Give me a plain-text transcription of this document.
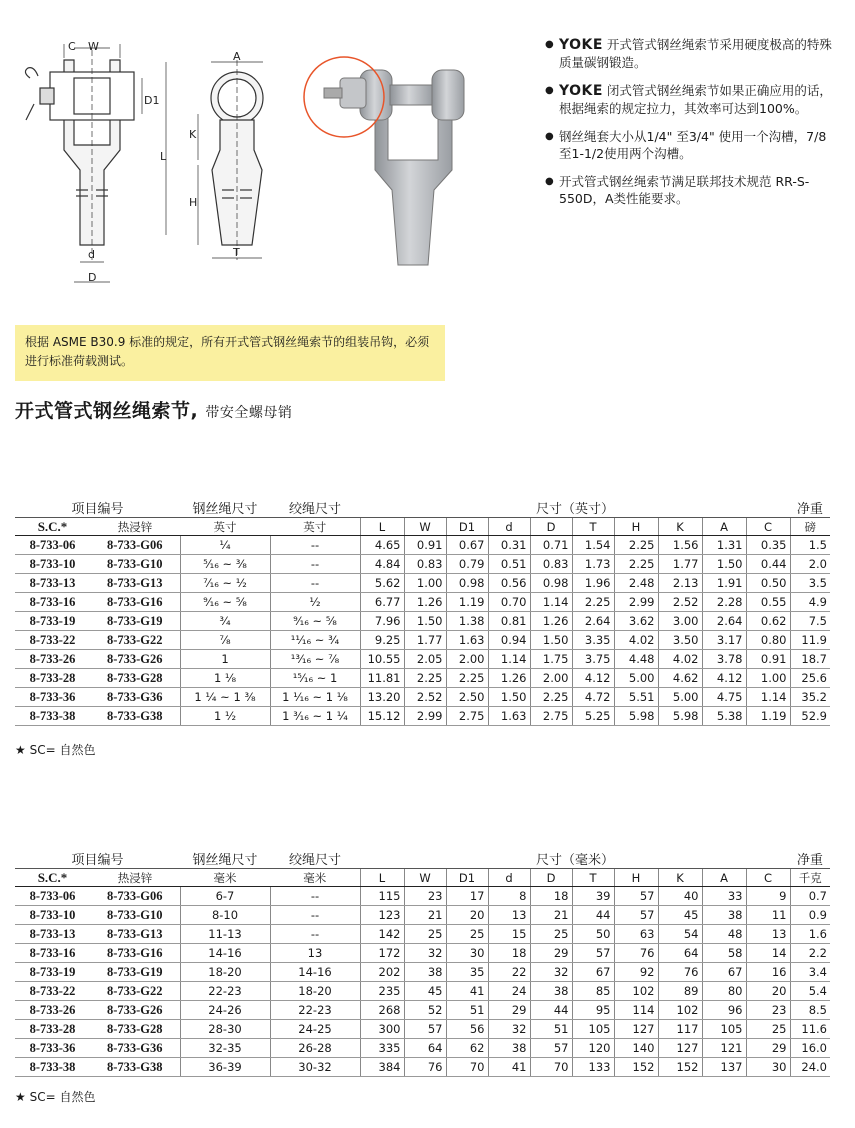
C W
D1
L
d
D
A
K
H
T
● YOKE 开式管式钢丝绳索节采用硬度极高的特殊质量碳钢锻造。
● YOKE 闭式管式钢丝绳索节如果正确应用的话，根据绳索的规定拉力，其效率可达到100%。
● 钢丝绳套大小从1/4" 至3/4" 使用一个沟槽，7/8至1-1/2使用两个沟槽。
● 开式管式钢丝绳索节满足联邦技术规范 RR-S-550D，A类性能要求。
根据 ASME B30.9 标准的规定，所有开式管式钢丝绳索节的组装吊钩，必须进行标准荷载测试。
开式管式钢丝绳索节, 带安全螺母销
项目编号		钢丝绳尺寸	绞绳尺寸	尺寸（英寸）										净重
S.C.*	热浸锌	英寸	英寸	L	W	D1	d	D	T	H	K	A	C	磅
8-733-06	8-733-G06	¹⁄₄	--	4.65	0.91	0.67	0.31	0.71	1.54	2.25	1.56	1.31	0.35	1.5
8-733-10	8-733-G10	⁵⁄₁₆ ~ ³⁄₈	--	4.84	0.83	0.79	0.51	0.83	1.73	2.25	1.77	1.50	0.44	2.0
8-733-13	8-733-G13	⁷⁄₁₆ ~ ¹⁄₂	--	5.62	1.00	0.98	0.56	0.98	1.96	2.48	2.13	1.91	0.50	3.5
8-733-16	8-733-G16	⁹⁄₁₆ ~ ⁵⁄₈	¹⁄₂	6.77	1.26	1.19	0.70	1.14	2.25	2.99	2.52	2.28	0.55	4.9
8-733-19	8-733-G19	³⁄₄	⁹⁄₁₆ ~ ⁵⁄₈	7.96	1.50	1.38	0.81	1.26	2.64	3.62	3.00	2.64	0.62	7.5
8-733-22	8-733-G22	⁷⁄₈	¹¹⁄₁₆ ~ ³⁄₄	9.25	1.77	1.63	0.94	1.50	3.35	4.02	3.50	3.17	0.80	11.9
8-733-26	8-733-G26	1	¹³⁄₁₆ ~ ⁷⁄₈	10.55	2.05	2.00	1.14	1.75	3.75	4.48	4.02	3.78	0.91	18.7
8-733-28	8-733-G28	1 ¹⁄₈	¹⁵⁄₁₆ ~ 1	11.81	2.25	2.25	1.26	2.00	4.12	5.00	4.62	4.12	1.00	25.6
8-733-36	8-733-G36	1 ¹⁄₄ ~ 1 ³⁄₈	1 ¹⁄₁₆ ~ 1 ¹⁄₈	13.20	2.52	2.50	1.50	2.25	4.72	5.51	5.00	4.75	1.14	35.2
8-733-38	8-733-G38	1 ¹⁄₂	1 ³⁄₁₆ ~ 1 ¹⁄₄	15.12	2.99	2.75	1.63	2.75	5.25	5.98	5.98	5.38	1.19	52.9
★ SC= 自然色
项目编号		钢丝绳尺寸	绞绳尺寸	尺寸（毫米）										净重
S.C.*	热浸锌	毫米	毫米	L	W	D1	d	D	T	H	K	A	C	千克
8-733-06	8-733-G06	6-7	--	115	23	17	8	18	39	57	40	33	9	0.7
8-733-10	8-733-G10	8-10	--	123	21	20	13	21	44	57	45	38	11	0.9
8-733-13	8-733-G13	11-13	--	142	25	25	15	25	50	63	54	48	13	1.6
8-733-16	8-733-G16	14-16	13	172	32	30	18	29	57	76	64	58	14	2.2
8-733-19	8-733-G19	18-20	14-16	202	38	35	22	32	67	92	76	67	16	3.4
8-733-22	8-733-G22	22-23	18-20	235	45	41	24	38	85	102	89	80	20	5.4
8-733-26	8-733-G26	24-26	22-23	268	52	51	29	44	95	114	102	96	23	8.5
8-733-28	8-733-G28	28-30	24-25	300	57	56	32	51	105	127	117	105	25	11.6
8-733-36	8-733-G36	32-35	26-28	335	64	62	38	57	120	140	127	121	29	16.0
8-733-38	8-733-G38	36-39	30-32	384	76	70	41	70	133	152	152	137	30	24.0
★ SC= 自然色
